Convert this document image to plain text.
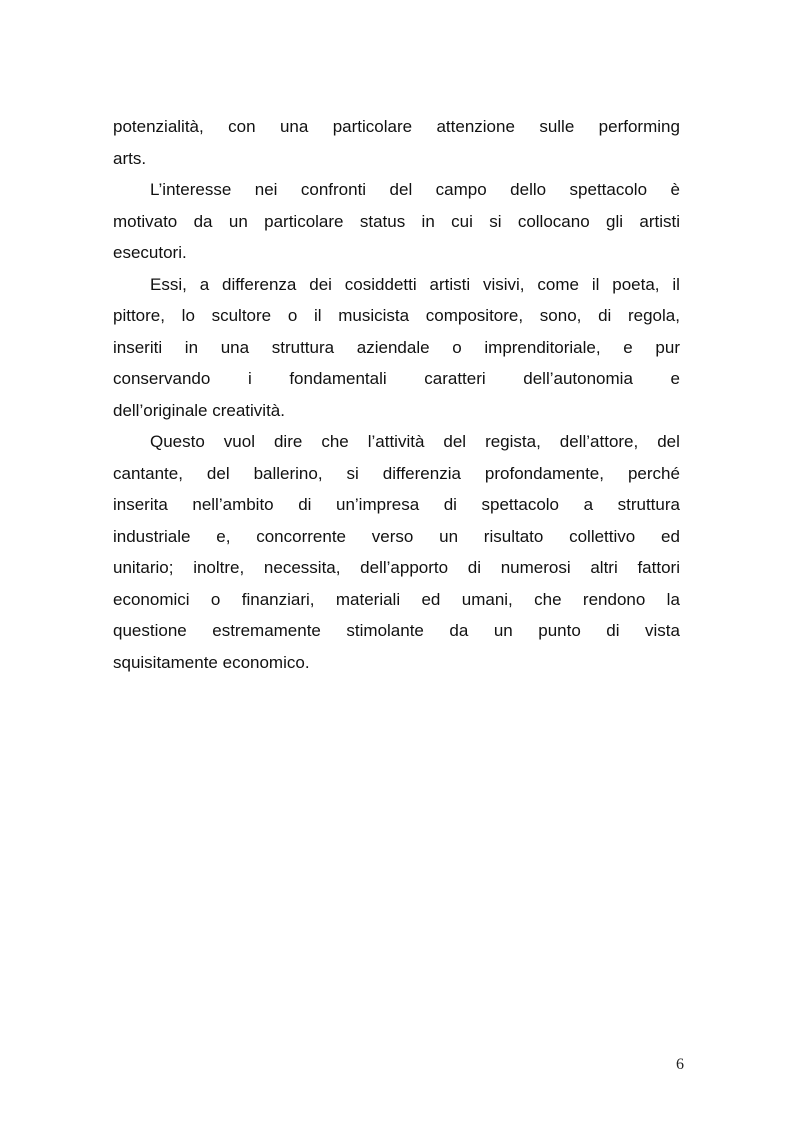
potenzialità, con una particolare attenzione sulle performing
arts.
L’interesse nei confronti del campo dello spettacolo è
motivato da un particolare status in cui si collocano gli artisti
esecutori.
Essi, a differenza dei cosiddetti artisti visivi, come il poeta, il
pittore, lo scultore o il musicista compositore, sono, di regola,
inseriti in una struttura aziendale o imprenditoriale, e pur
conservando i fondamentali caratteri dell’autonomia e
dell’originale creatività.
Questo vuol dire che l’attività del regista, dell’attore, del
cantante, del ballerino, si differenzia profondamente, perché
inserita nell’ambito di un’impresa di spettacolo a struttura
industriale e, concorrente verso un risultato collettivo ed
unitario; inoltre, necessita, dell’apporto di numerosi altri fattori
economici o finanziari, materiali ed umani, che rendono la
questione estremamente stimolante da un punto di vista
squisitamente economico.
6
